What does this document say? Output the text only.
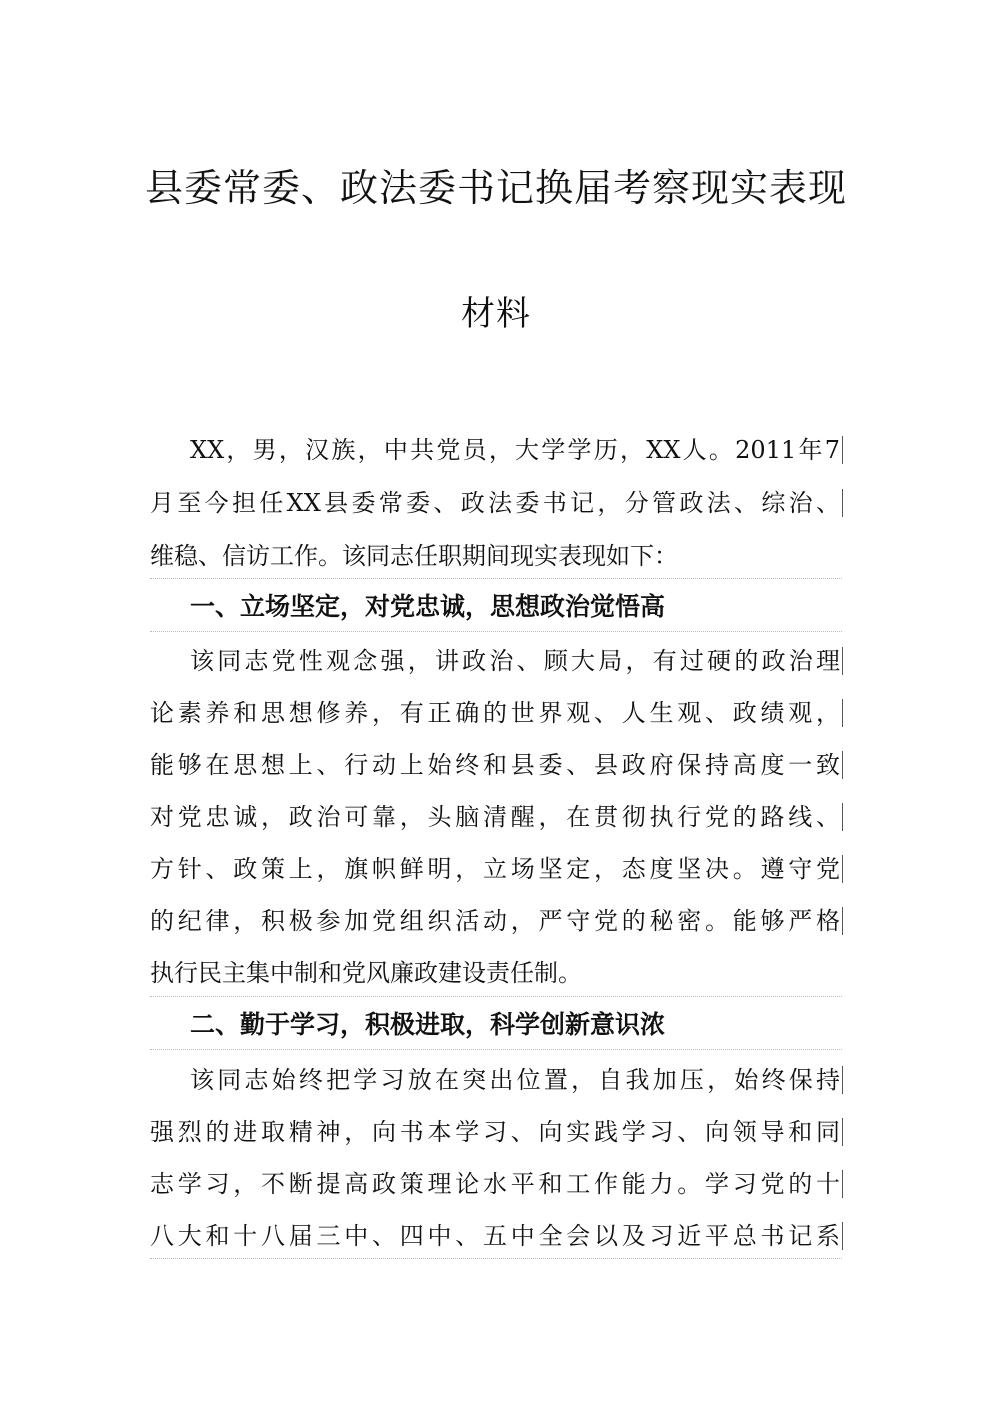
县委常委、政法委书记换届考察现实表现
材料

XX，男，汉族，中共党员，大学学历，XX人。2011年7

月至今担任XX县委常委、政法委书记，分管政法、综治、

维稳、信访工作。该同志任职期间现实表现如下：

一、立场坚定，对党忠诚，思想政治觉悟高

该同志党性观念强，讲政治、顾大局，有过硬的政治理

论素养和思想修养，有正确的世界观、人生观、政绩观，

能够在思想上、行动上始终和县委、县政府保持高度一致

对党忠诚，政治可靠，头脑清醒，在贯彻执行党的路线、

方针、政策上，旗帜鲜明，立场坚定，态度坚决。遵守党

的纪律，积极参加党组织活动，严守党的秘密。能够严格

执行民主集中制和党风廉政建设责任制。

二、勤于学习，积极进取，科学创新意识浓

该同志始终把学习放在突出位置，自我加压，始终保持

强烈的进取精神，向书本学习、向实践学习、向领导和同

志学习，不断提高政策理论水平和工作能力。学习党的十

八大和十八届三中、四中、五中全会以及习近平总书记系
